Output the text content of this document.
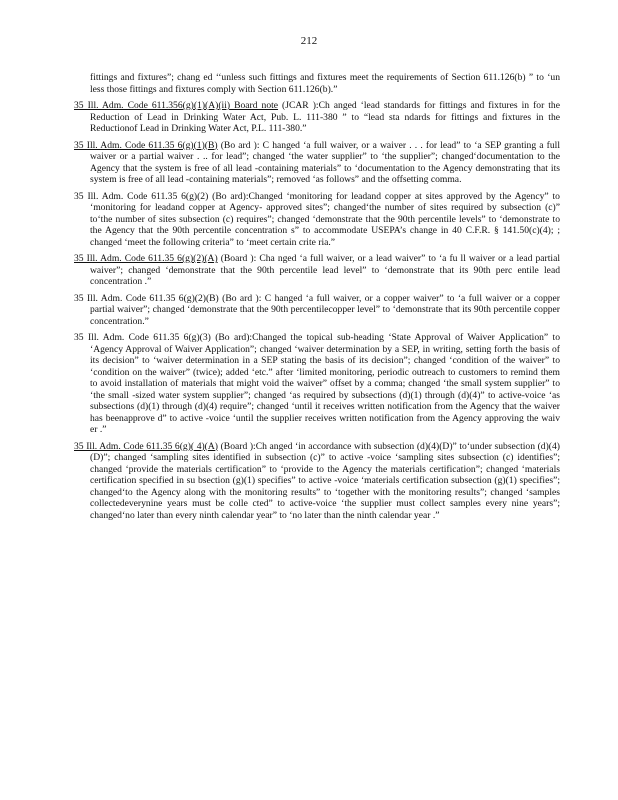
212

fittings and fixtures”; chang ed ‘‘unless such fittings and fixtures meet the requirements of Section 611.126(b) ” to ‘un less those fittings and fixtures comply with Section 611.126(b).”

35 Ill. Adm. Code 611.356(g)(1)(A)(ii) Board note (JCAR ):Ch anged ‘lead standards for fittings and fixtures in for the Reduction of Lead in Drinking Water Act, Pub. L. 111-380 ” to “lead sta ndards for fittings and fixtures in the Reductionof Lead in Drinking Water Act, P.L. 111-380.”

35 Ill. Adm. Code 611.35 6(g)(1)(B) (Bo ard ): C hanged ‘a full waiver, or a waiver . . . for lead” to ‘a SEP granting a full waiver or a partial waiver . .. for lead”; changed ‘the water supplier” to ‘the supplier”; changed‘documentation to the Agency that the system is free of all lead -containing materials” to ‘documentation to the Agency demonstrating that its system is free of all lead -containing materials”; removed ‘as follows” and the offsetting comma.

35 Ill. Adm. Code 611.35 6(g)(2) (Bo ard):Changed ‘monitoring for leadand copper at sites approved by the Agency” to ‘monitoring for leadand copper at Agency- approved sites”; changed‘the number of sites required by subsection (c)” to‘the number of sites subsection (c) requires”; changed ‘demonstrate that the 90th percentile levels” to ‘demonstrate to the Agency that the 90th percentile concentration s” to accommodate USEPA’s change in 40 C.F.R. § 141.50(c)(4); ; changed ‘meet the following criteria” to ‘meet certain crite ria.”

35 Ill. Adm. Code 611.35 6(g)(2)(A) (Board ): Cha nged ‘a full waiver, or a lead waiver” to ‘a fu ll waiver or a lead partial waiver”; changed ‘demonstrate that the 90th percentile lead level” to ‘demonstrate that its 90th perc entile lead concentration .”

35 Ill. Adm. Code 611.35 6(g)(2)(B) (Bo ard ): C hanged ‘a full waiver, or a copper waiver” to ‘a full waiver or a copper partial waiver”; changed ‘demonstrate that the 90th percentilecopper level” to ‘demonstrate that its 90th percentile copper concentration.”

35 Ill. Adm. Code 611.35 6(g)(3) (Bo ard):Changed the topical sub-heading ‘State Approval of Waiver Application” to ‘Agency Approval of Waiver Application”; changed ‘waiver determination by a SEP, in writing, setting forth the basis of its decision” to ‘waiver determination in a SEP stating the basis of its decision”; changed ‘condition of the waiver” to ‘condition on the waiver” (twice); added ‘etc.” after ‘limited monitoring, periodic outreach to customers to remind them to avoid installation of materials that might void the waiver” offset by a comma; changed ‘the small system supplier” to ‘the small -sized water system supplier”; changed ‘as required by subsections (d)(1) through (d)(4)” to active-voice ‘as subsections (d)(1) through (d)(4) require”; changed ‘until it receives written notification from the Agency that the waiver has beenapprove d” to active -voice ‘until the supplier receives written notification from the Agency approving the waiv er .”

35 Ill. Adm. Code 611.35 6(g)( 4)(A) (Board ):Ch anged ‘in accordance with subsection (d)(4)(D)” to‘under subsection (d)(4)(D)”; changed ‘sampling sites identified in subsection (c)” to active -voice ‘sampling sites subsection (c) identifies”; changed ‘provide the materials certification” to ‘provide to the Agency the materials certification”; changed ‘materials certification specified in su bsection (g)(1) specifies” to active -voice ‘materials certification subsection (g)(1) specifies”; changed‘to the Agency along with the monitoring results” to ‘together with the monitoring results”; changed ‘samples collectedeverynine years must be colle cted” to active-voice ‘the supplier must collect samples every nine years”; changed‘no later than every ninth calendar year” to ‘no later than the ninth calendar year .”
